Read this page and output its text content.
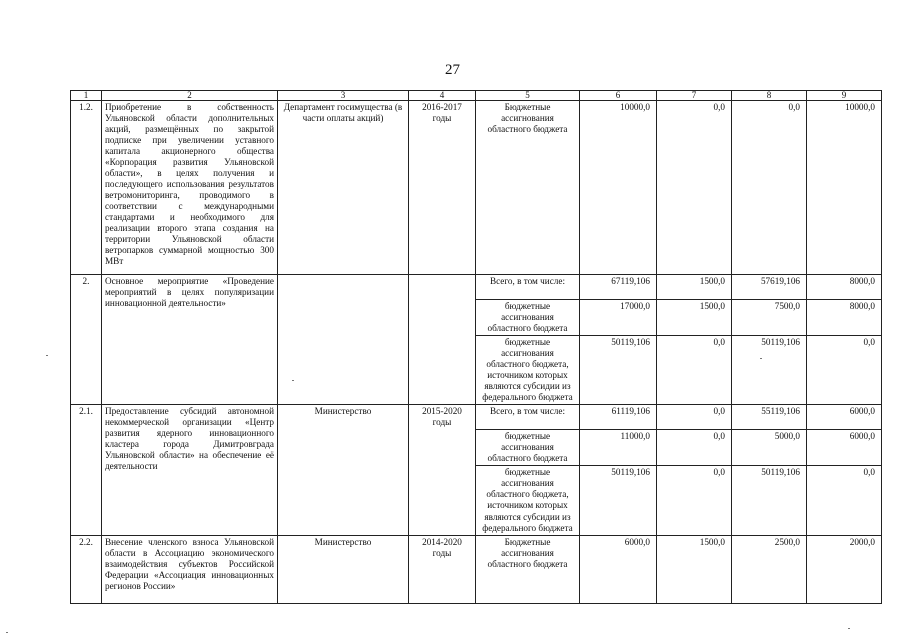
27
1	2	3	4	5	6	7	8	9
1.2.	Приобретение в собственность Ульяновской области дополнительных акций, размещённых по закрытой подписке при увеличении уставного капитала акционерного общества «Корпорация развития Ульяновской области», в целях получения и последующего использования результатов ветромониторинга, проводимого в соответствии с международными стандартами и необходимого для реализации второго этапа создания на территории Ульяновской области ветропарков суммарной мощностью 300 МВт	Департамент госимущества (в части оплаты акций)	2016-2017 годы	Бюджетные ассигнования областного бюджета	10000,0	0,0	0,0	10000,0
2.	Основное мероприятие «Проведение мероприятий в целях популяризации инновационной деятельности»			Всего, в том числе:	67119,106	1500,0	57619,106	8000,0
				бюджетные ассигнования областного бюджета	17000,0	1500,0	7500,0	8000,0
				бюджетные ассигнования областного бюджета, источником которых являются субсидии из федерального бюджета	50119,106	0,0	50119,106	0,0
2.1.	Предоставление субсидий автономной некоммерческой организации «Центр развития ядерного инновационного кластера города Димитровграда Ульяновской области» на обеспечение её деятельности	Министерство	2015-2020 годы	Всего, в том числе:	61119,106	0,0	55119,106	6000,0
				бюджетные ассигнования областного бюджета	11000,0	0,0	5000,0	6000,0
				бюджетные ассигнования областного бюджета, источником которых являются субсидии из федерального бюджета	50119,106	0,0	50119,106	0,0
2.2.	Внесение членского взноса Ульяновской области в Ассоциацию экономического взаимодействия субъектов Российской Федерации «Ассоциация инновационных регионов России»	Министерство	2014-2020 годы	Бюджетные ассигнования областного бюджета	6000,0	1500,0	2500,0	2000,0
